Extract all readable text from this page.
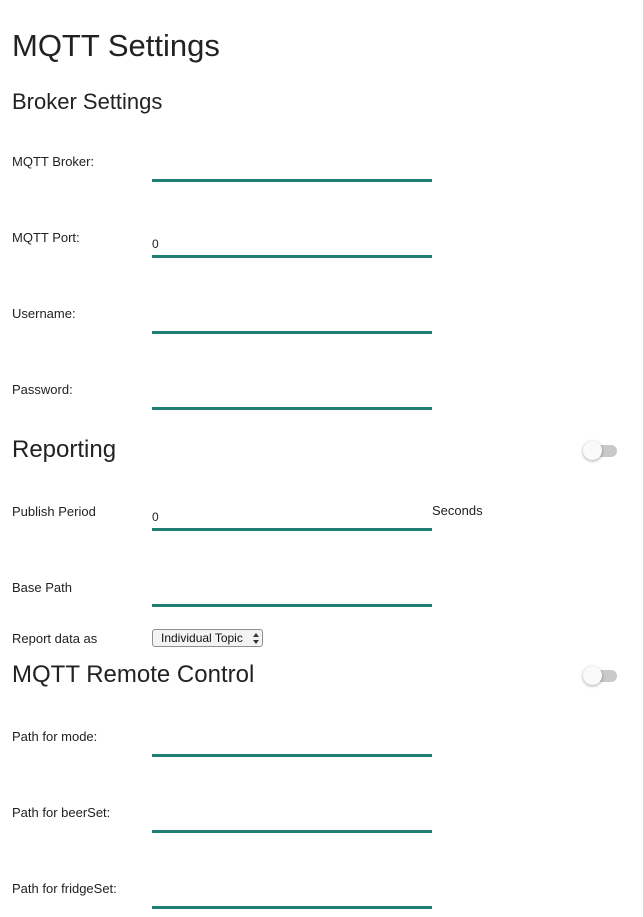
MQTT Settings
Broker Settings
MQTT Broker:
MQTT Port:
0
Username:
Password:
Reporting
Publish Period
0	Seconds
Base Path
Report data as	Individual Topic
MQTT Remote Control
Path for mode:
Path for beerSet:
Path for fridgeSet:
